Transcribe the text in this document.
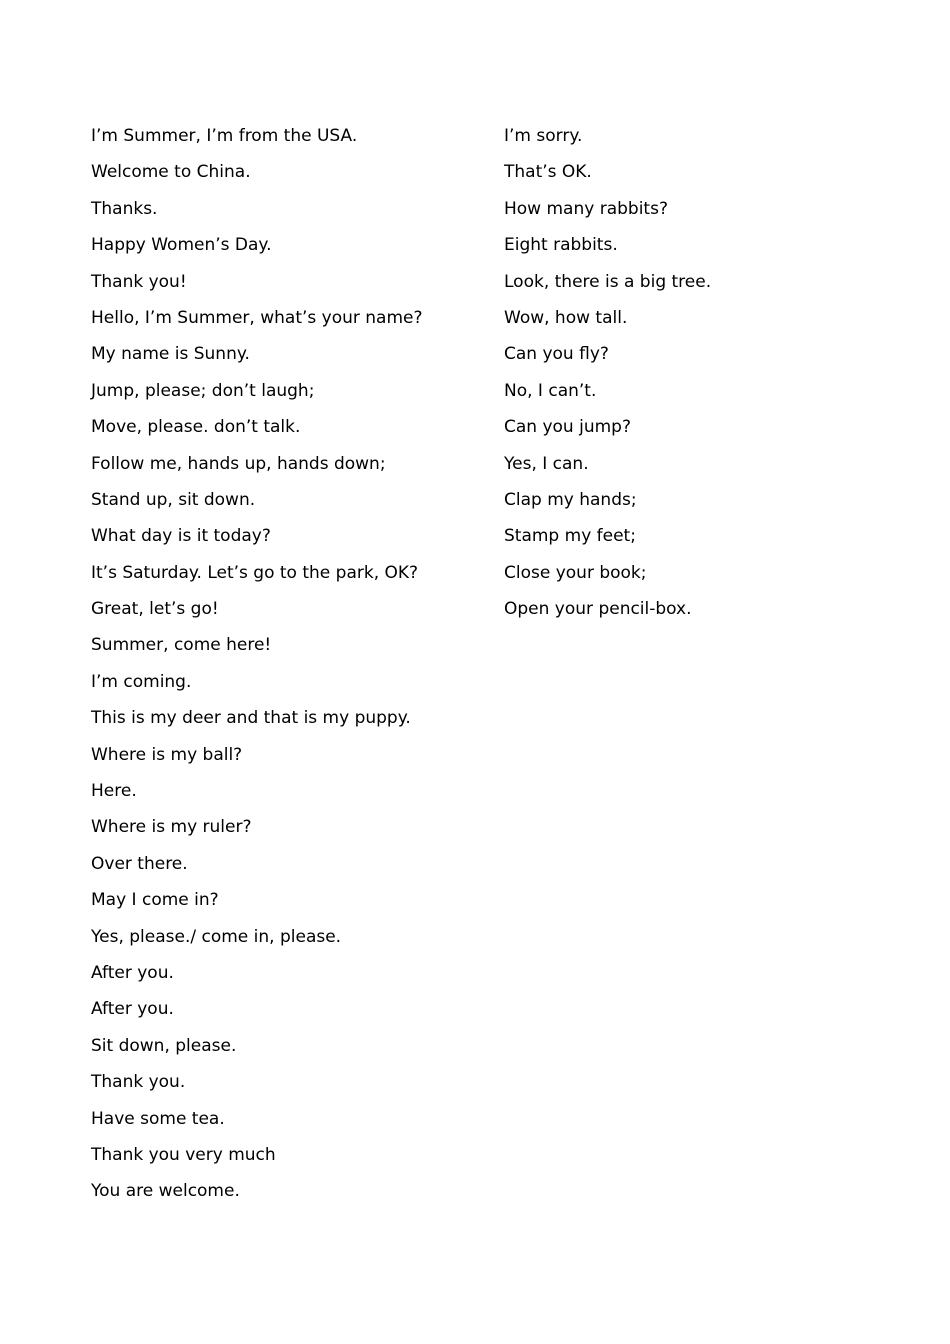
I’m Summer, I’m from the USA.
Welcome to China.
Thanks.
Happy Women’s Day.
Thank you!
Hello, I’m Summer, what’s your name?
My name is Sunny.
Jump, please; don’t laugh;
Move, please. don’t talk.
Follow me, hands up, hands down;
Stand up, sit down.
What day is it today?
It’s Saturday. Let’s go to the park, OK?
Great, let’s go!
Summer, come here!
I’m coming.
This is my deer and that is my puppy.
Where is my ball?
Here.
Where is my ruler?
Over there.
May I come in?
Yes, please./ come in, please.
After you.
After you.
Sit down, please.
Thank you.
Have some tea.
Thank you very much
You are welcome.
I’m sorry.
That’s OK.
How many rabbits?
Eight rabbits.
Look, there is a big tree.
Wow, how tall.
Can you fly?
No, I can’t.
Can you jump?
Yes, I can.
Clap my hands;
Stamp my feet;
Close your book;
Open your pencil-box.
